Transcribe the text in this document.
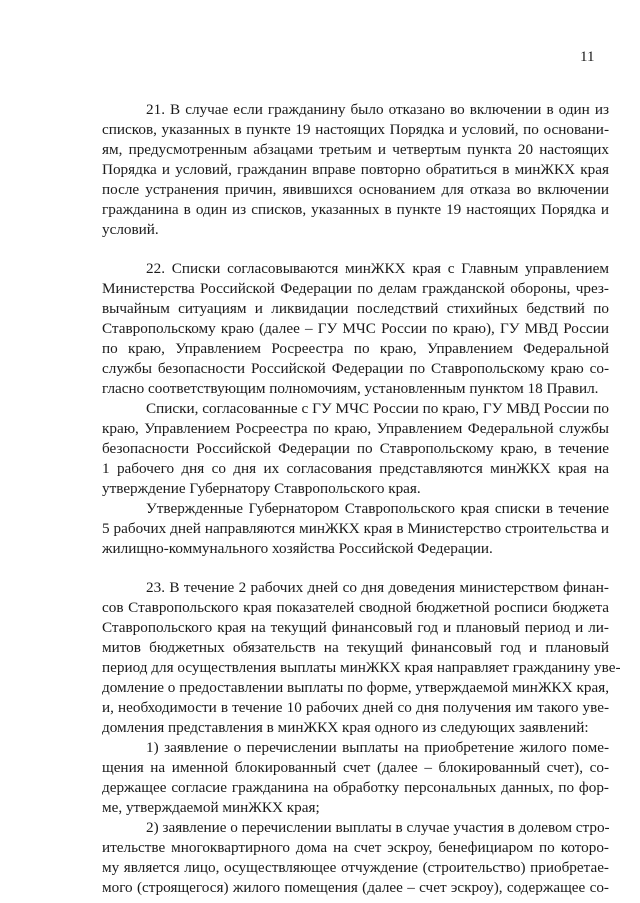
11
21. В случае если гражданину было отказано во включении в один из
списков, указанных в пункте 19 настоящих Порядка и условий, по основани-
ям, предусмотренным абзацами третьим и четвертым пункта 20 настоящих
Порядка и условий, гражданин вправе повторно обратиться в минЖКХ края
после устранения причин, явившихся основанием для отказа во включении
гражданина в один из списков, указанных в пункте 19 настоящих Порядка и
условий.
22. Списки согласовываются минЖКХ края с Главным управлением
Министерства Российской Федерации по делам гражданской обороны, чрез-
вычайным ситуациям и ликвидации последствий стихийных бедствий по
Ставропольскому краю (далее – ГУ МЧС России по краю), ГУ МВД России
по краю, Управлением Росреестра по краю, Управлением Федеральной
службы безопасности Российской Федерации по Ставропольскому краю со-
гласно соответствующим полномочиям, установленным пунктом 18 Правил.
Списки, согласованные с ГУ МЧС России по краю, ГУ МВД России по
краю, Управлением Росреестра по краю, Управлением Федеральной службы
безопасности Российской Федерации по Ставропольскому краю, в течение
1 рабочего дня со дня их согласования представляются минЖКХ края на
утверждение Губернатору Ставропольского края.
Утвержденные Губернатором Ставропольского края списки в течение
5 рабочих дней направляются минЖКХ края в Министерство строительства и
жилищно-коммунального хозяйства Российской Федерации.
23. В течение 2 рабочих дней со дня доведения министерством финан-
сов Ставропольского края показателей сводной бюджетной росписи бюджета
Ставропольского края на текущий финансовый год и плановый период и ли-
митов бюджетных обязательств на текущий финансовый год и плановый
период для осуществления выплаты минЖКХ края направляет гражданину уве-
домление о предоставлении выплаты по форме, утверждаемой минЖКХ края,
и, необходимости в течение 10 рабочих дней со дня получения им такого уве-
домления представления в минЖКХ края одного из следующих заявлений:
1) заявление о перечислении выплаты на приобретение жилого поме-
щения на именной блокированный счет (далее – блокированный счет), со-
держащее согласие гражданина на обработку персональных данных, по фор-
ме, утверждаемой минЖКХ края;
2) заявление о перечислении выплаты в случае участия в долевом стро-
ительстве многоквартирного дома на счет эскроу, бенефициаром по которо-
му является лицо, осуществляющее отчуждение (строительство) приобретае-
мого (строящегося) жилого помещения (далее – счет эскроу), содержащее со-
